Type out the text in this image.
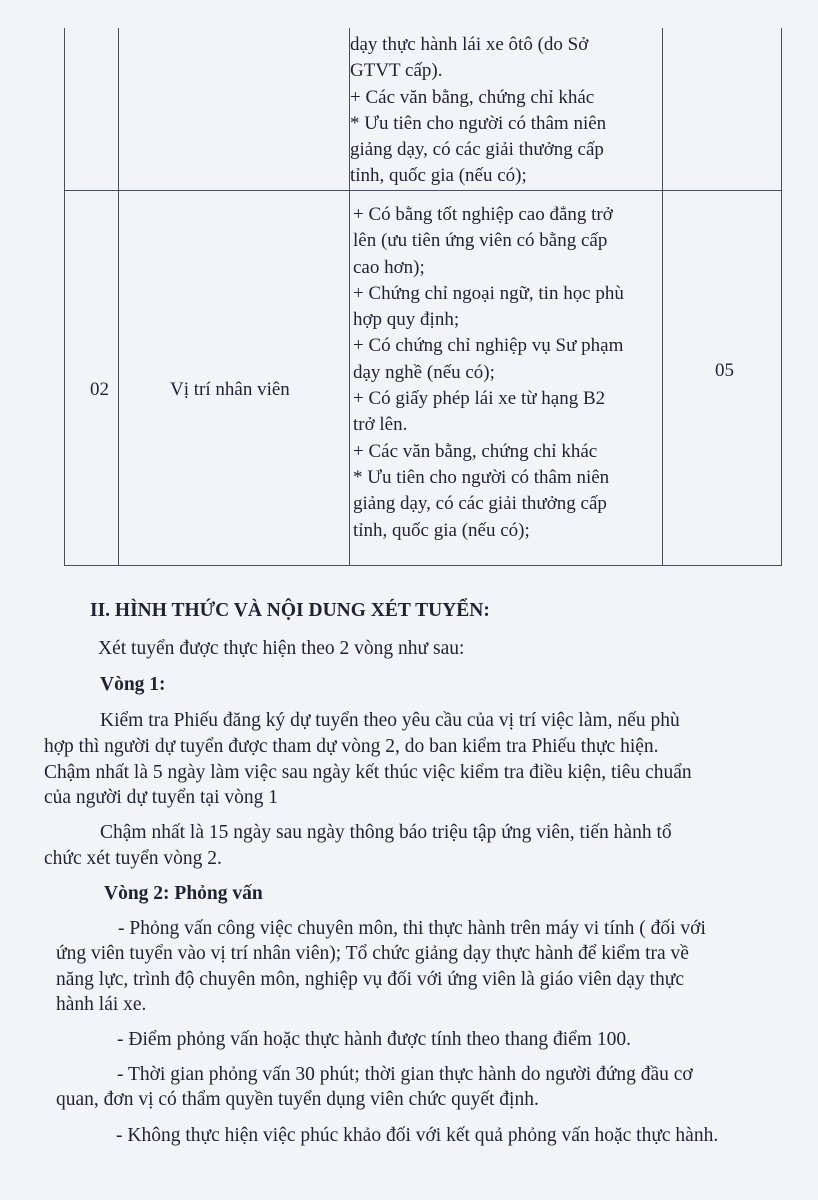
dạy thực hành lái xe ôtô (do Sở

GTVT cấp).

+ Các văn bằng, chứng chỉ khác

* Ưu tiên cho người có thâm niên

giảng dạy, có các giải thưởng cấp

tỉnh, quốc gia (nếu có);

02	Vị trí nhân viên
05

+ Có bằng tốt nghiệp cao đẳng trở

lên (ưu tiên ứng viên có bằng cấp

cao hơn);

+ Chứng chỉ ngoại ngữ, tin học phù

hợp quy định;

+ Có chứng chỉ nghiệp vụ Sư phạm

dạy nghề (nếu có);

+ Có giấy phép lái xe từ hạng B2

trở lên.

+ Các văn bằng, chứng chỉ khác

* Ưu tiên cho người có thâm niên

giảng dạy, có các giải thưởng cấp

tỉnh, quốc gia (nếu có);

II. HÌNH THỨC VÀ NỘI DUNG XÉT TUYỂN:
Xét tuyển được thực hiện theo 2 vòng như sau:
Vòng 1:
Kiểm tra Phiếu đăng ký dự tuyển theo yêu cầu của vị trí việc làm, nếu phù
hợp thì người dự tuyển được tham dự vòng 2, do ban kiểm tra Phiếu thực hiện.
Chậm nhất là 5 ngày làm việc sau ngày kết thúc việc kiểm tra điều kiện, tiêu chuẩn
của người dự tuyển tại vòng 1
Chậm nhất là 15 ngày sau ngày thông báo triệu tập ứng viên, tiến hành tổ
chức xét tuyển vòng 2.
Vòng 2: Phỏng vấn
- Phỏng vấn công việc chuyên môn, thi thực hành trên máy vi tính ( đối với
ứng viên tuyển vào vị trí nhân viên); Tổ chức giảng dạy thực hành để kiểm tra về
năng lực, trình độ chuyên môn, nghiệp vụ đối với ứng viên là giáo viên dạy thực
hành lái xe.
- Điểm phỏng vấn hoặc thực hành được tính theo thang điểm 100.
- Thời gian phỏng vấn 30 phút; thời gian thực hành do người đứng đầu cơ
quan, đơn vị có thẩm quyền tuyển dụng viên chức quyết định.
- Không thực hiện việc phúc khảo đối với kết quả phỏng vấn hoặc thực hành.
